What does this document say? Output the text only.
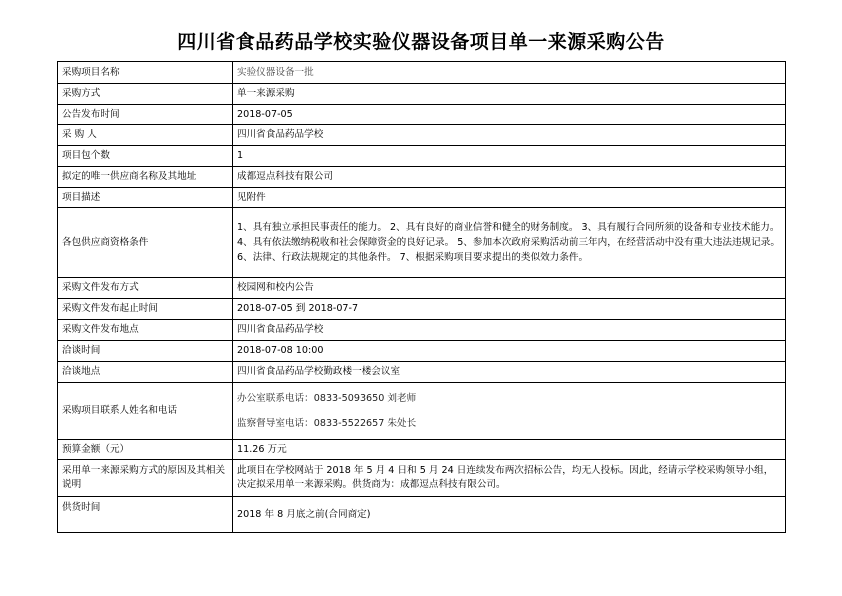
四川省食品药品学校实验仪器设备项目单一来源采购公告
采购项目名称	实验仪器设备一批
采购方式	单一来源采购
公告发布时间	2018-07-05
采 购 人	四川省食品药品学校
项目包个数	1
拟定的唯一供应商名称及其地址	成都逗点科技有限公司
项目描述	见附件
各包供应商资格条件	1、具有独立承担民事责任的能力。 2、具有良好的商业信誉和健全的财务制度。 3、具有履行合同所须的设备和专业技术能力。 4、具有依法缴纳税收和社会保障资金的良好记录。 5、参加本次政府采购活动前三年内，在经营活动中没有重大违法违规记录。 6、法律、行政法规规定的其他条件。 7、根据采购项目要求提出的类似效力条件。
采购文件发布方式	校园网和校内公告
采购文件发布起止时间	2018-07-05 到 2018-07-7
采购文件发布地点	四川省食品药品学校
洽谈时间	2018-07-08 10:00
洽谈地点	四川省食品药品学校勤政楼一楼会议室
采购项目联系人姓名和电话	办公室联系电话：0833-5093650 刘老师
监察督导室电话：0833-5522657 朱处长

预算金额（元）	11.26 万元
采用单一来源采购方式的原因及其相关说明	此项目在学校网站于 2018 年 5 月 4 日和 5 月 24 日连续发布两次招标公告，均无人投标。因此，经请示学校采购领导小组，决定拟采用单一来源采购。供货商为：成都逗点科技有限公司。
供货时间	2018 年 8 月底之前(合同商定)
